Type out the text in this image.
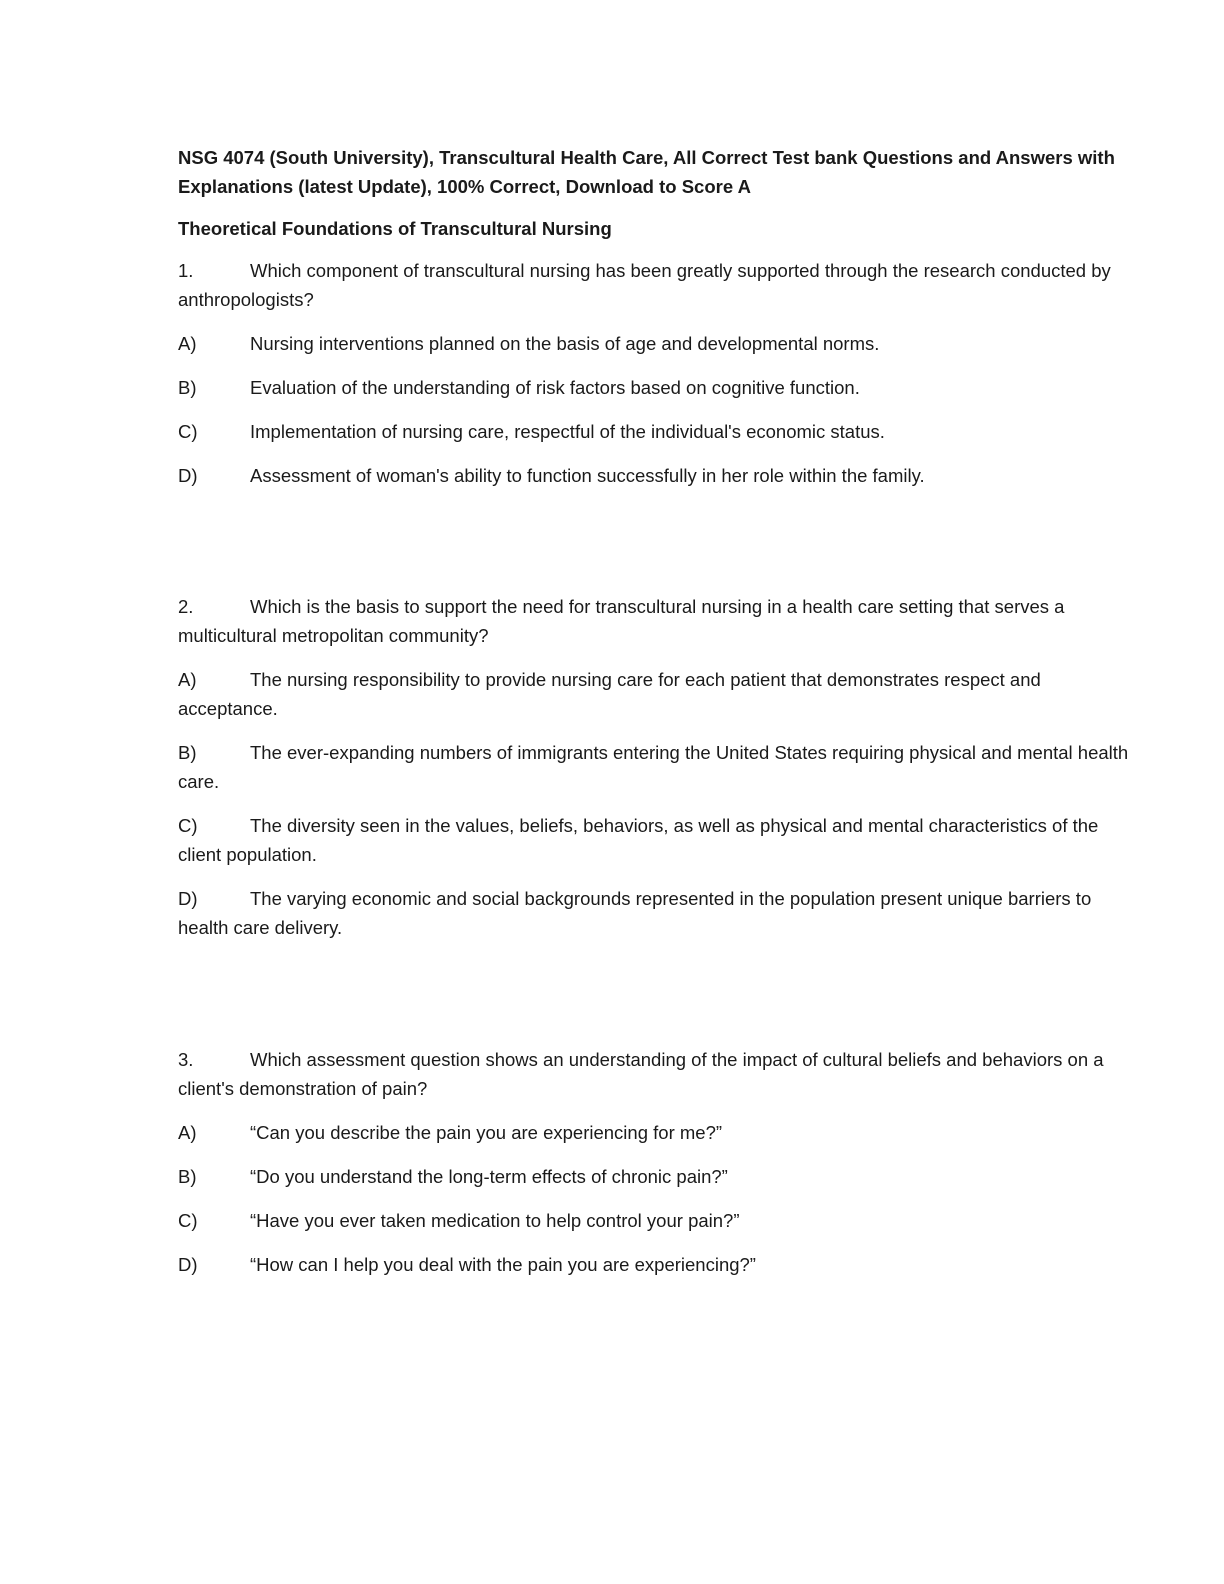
NSG 4074 (South University), Transcultural Health Care, All Correct Test bank Questions and Answers with Explanations (latest Update), 100% Correct, Download to Score A

Theoretical Foundations of Transcultural Nursing

1.	Which component of transcultural nursing has been greatly supported through the research conducted by anthropologists?

A)	Nursing interventions planned on the basis of age and developmental norms.

B)	Evaluation of the understanding of risk factors based on cognitive function.

C)	Implementation of nursing care, respectful of the individual's economic status.

D)	Assessment of woman's ability to function successfully in her role within the family.

2.	Which is the basis to support the need for transcultural nursing in a health care setting that serves a multicultural metropolitan community?

A)	The nursing responsibility to provide nursing care for each patient that demonstrates respect and acceptance.

B)	The ever-expanding numbers of immigrants entering the United States requiring physical and mental health care.

C)	The diversity seen in the values, beliefs, behaviors, as well as physical and mental characteristics of the client population.

D)	The varying economic and social backgrounds represented in the population present unique barriers to health care delivery.

3.	Which assessment question shows an understanding of the impact of cultural beliefs and behaviors on a client's demonstration of pain?

A)	“Can you describe the pain you are experiencing for me?”

B)	“Do you understand the long-term effects of chronic pain?”

C)	“Have you ever taken medication to help control your pain?”

D)	“How can I help you deal with the pain you are experiencing?”
